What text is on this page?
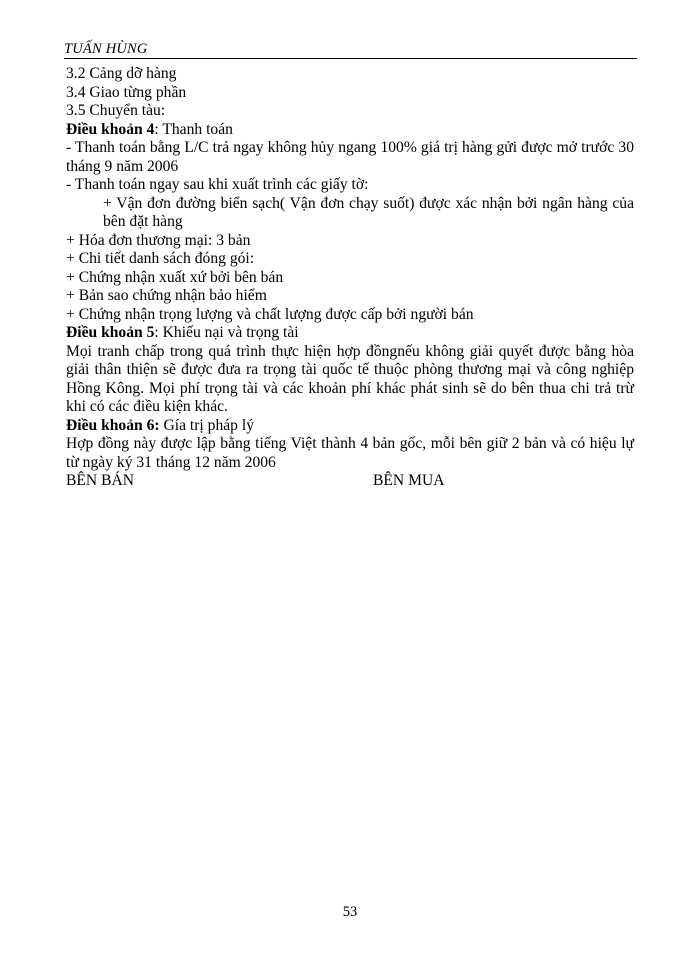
TUẤN HÙNG
3.2 Cảng dỡ hàng
3.4 Giao từng phần
3.5 Chuyển tàu:
Điều khoản 4: Thanh toán
- Thanh toán bằng L/C trả ngay không hủy ngang 100% giá trị hàng gửi được mở trước 30 tháng 9 năm 2006
- Thanh toán ngay sau khi xuất trình các giấy tờ:
+ Vận đơn đường biển sạch( Vận đơn chạy suốt) được xác nhận bởi ngân hàng của bên đặt hàng
+ Hóa đơn thương mại: 3 bản
+ Chi tiết danh sách đóng gói:
+ Chứng nhận xuất xứ bởi bên bán
+ Bản sao chứng nhận bảo hiểm
+ Chứng nhận trọng lượng và chất lượng được cấp bởi người bán
Điều khoản 5: Khiếu nại và trọng tài
Mọi tranh chấp trong quá trình thực hiện hợp đồngnếu không giải quyết được bằng hòa giải thân thiện sẽ được đưa ra trọng tài quốc tế thuộc phòng thương mại và công nghiệp Hồng Kông. Mọi phí trọng tài và các khoản phí khác phát sinh sẽ do bên thua chi trả trừ khi có các điều kiện khác.
Điều khoản 6: Gía trị pháp lý
Hợp đồng này được lập bằng tiếng Việt thành 4 bản gốc, mỗi bên giữ 2 bản và có hiệu lự từ ngày ký 31 tháng 12 năm 2006
BÊN BÁN	BÊN MUA
53
